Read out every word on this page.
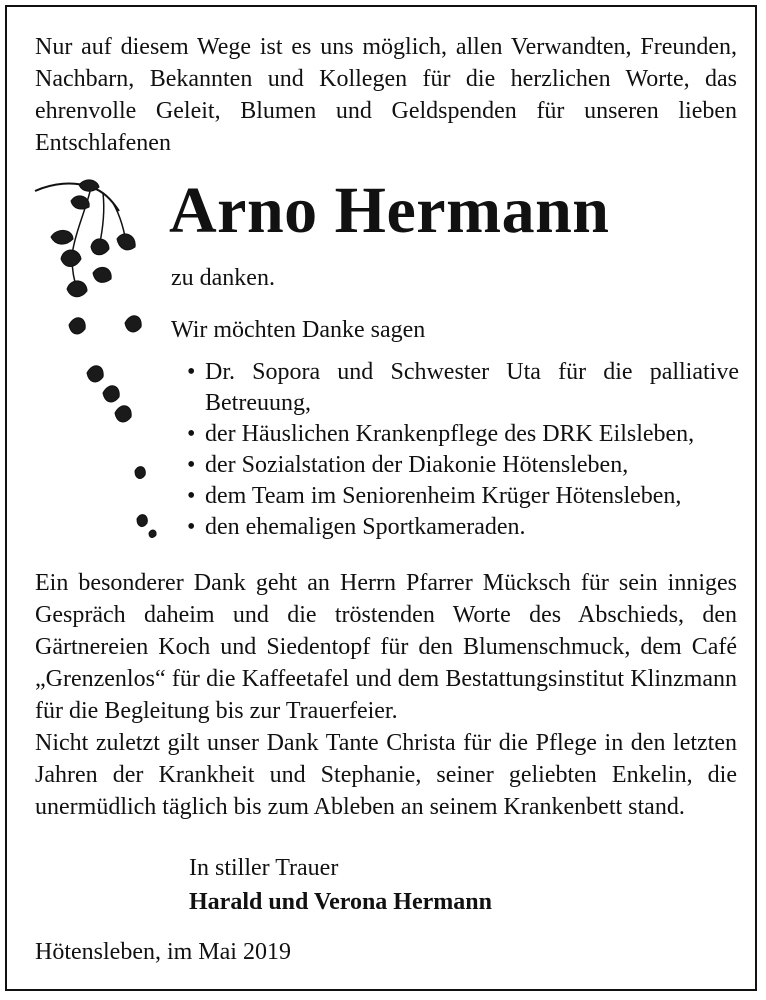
Nur auf diesem Wege ist es uns möglich, allen Verwandten, Freunden, Nachbarn, Bekannten und Kollegen für die herzlichen Worte, das ehrenvolle Geleit, Blumen und Geldspenden für unseren lieben Entschlafenen
Arno Hermann
zu danken.
Wir möchten Danke sagen
• Dr. Sopora und Schwester Uta für die palliative Betreuung,
• der Häuslichen Krankenpflege des DRK Eilsleben,
• der Sozialstation der Diakonie Hötensleben,
• dem Team im Seniorenheim Krüger Hötensleben,
• den ehemaligen Sportkameraden.

Ein besonderer Dank geht an Herrn Pfarrer Mücksch für sein inniges Gespräch daheim und die tröstenden Worte des Abschieds, den Gärtnereien Koch und Siedentopf für den Blumenschmuck, dem Café „Grenzenlos“ für die Kaffeetafel und dem Bestattungsinstitut Klinzmann für die Begleitung bis zur Trauerfeier.

Nicht zuletzt gilt unser Dank Tante Christa für die Pflege in den letzten Jahren der Krankheit und Stephanie, seiner geliebten Enkelin, die unermüdlich täglich bis zum Ableben an seinem Krankenbett stand.

In stiller Trauer
Harald und Verona Hermann
Hötensleben, im Mai 2019
